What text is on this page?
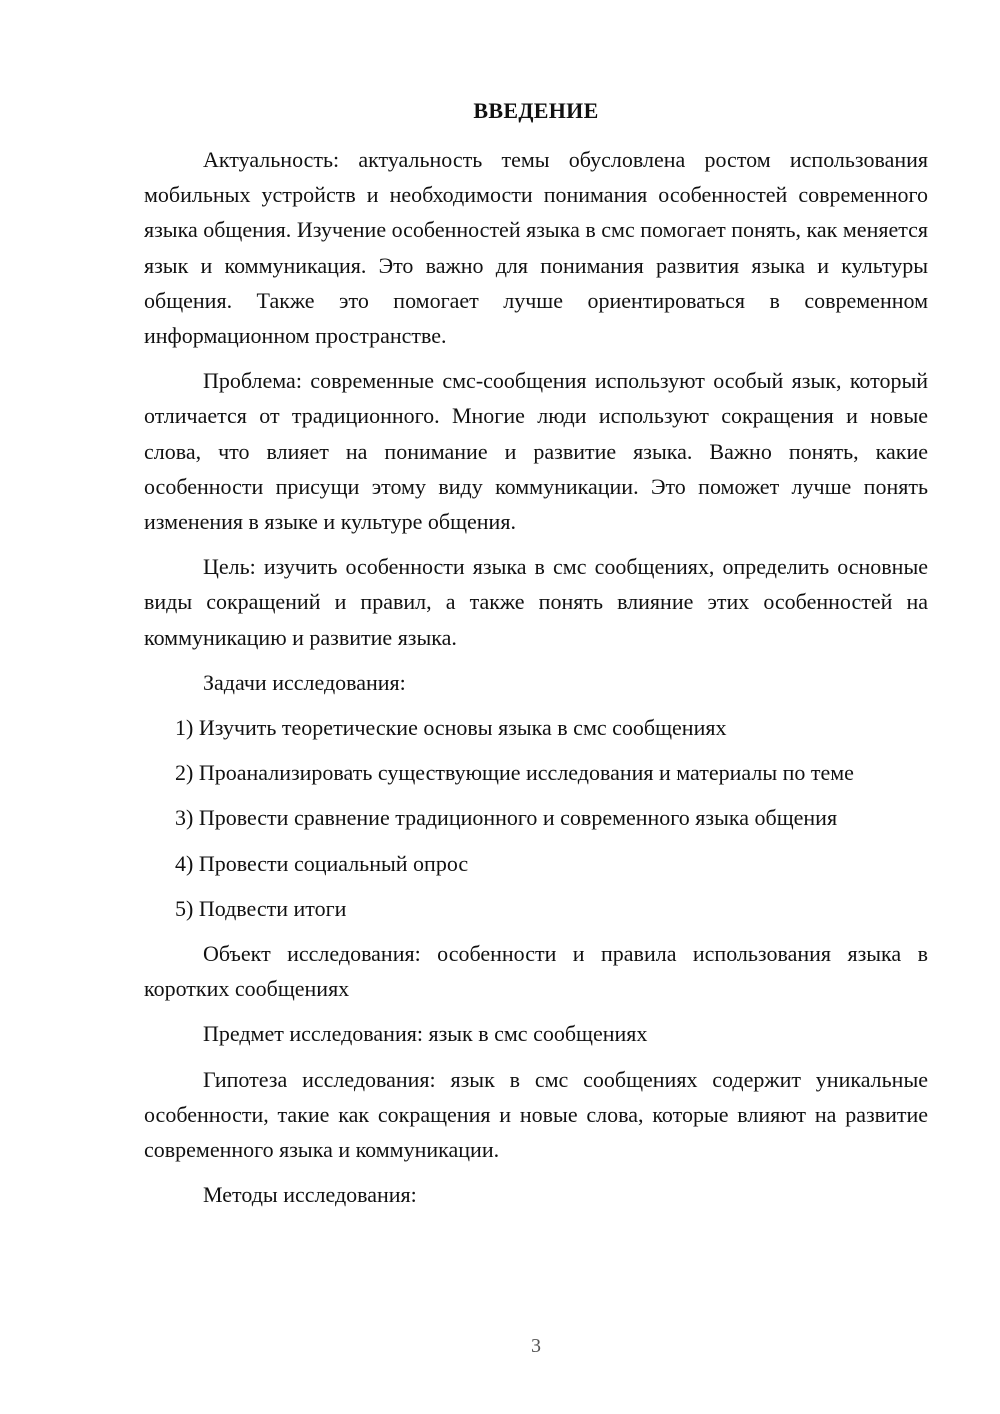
ВВЕДЕНИЕ

Актуальность: актуальность темы обусловлена ростом использования мобильных устройств и необходимости понимания особенностей современного языка общения. Изучение особенностей языка в смс помогает понять, как меняется язык и коммуникация. Это важно для понимания развития языка и культуры общения. Также это помогает лучше ориентироваться в современном информационном пространстве.

Проблема: современные смс-сообщения используют особый язык, который отличается от традиционного. Многие люди используют сокращения и новые слова, что влияет на понимание и развитие языка. Важно понять, какие особенности присущи этому виду коммуникации. Это поможет лучше понять изменения в языке и культуре общения.

Цель: изучить особенности языка в смс сообщениях, определить основные виды сокращений и правил, а также понять влияние этих особенностей на коммуникацию и развитие языка.

Задачи исследования:

1) Изучить теоретические основы языка в смс сообщениях
2) Проанализировать существующие исследования и материалы по теме
3) Провести сравнение традиционного и современного языка общения
4) Провести социальный опрос
5) Подвести итоги

Объект исследования: особенности и правила использования языка в коротких сообщениях

Предмет исследования: язык в смс сообщениях

Гипотеза исследования: язык в смс сообщениях содержит уникальные особенности, такие как сокращения и новые слова, которые влияют на развитие современного языка и коммуникации.

Методы исследования:

3
